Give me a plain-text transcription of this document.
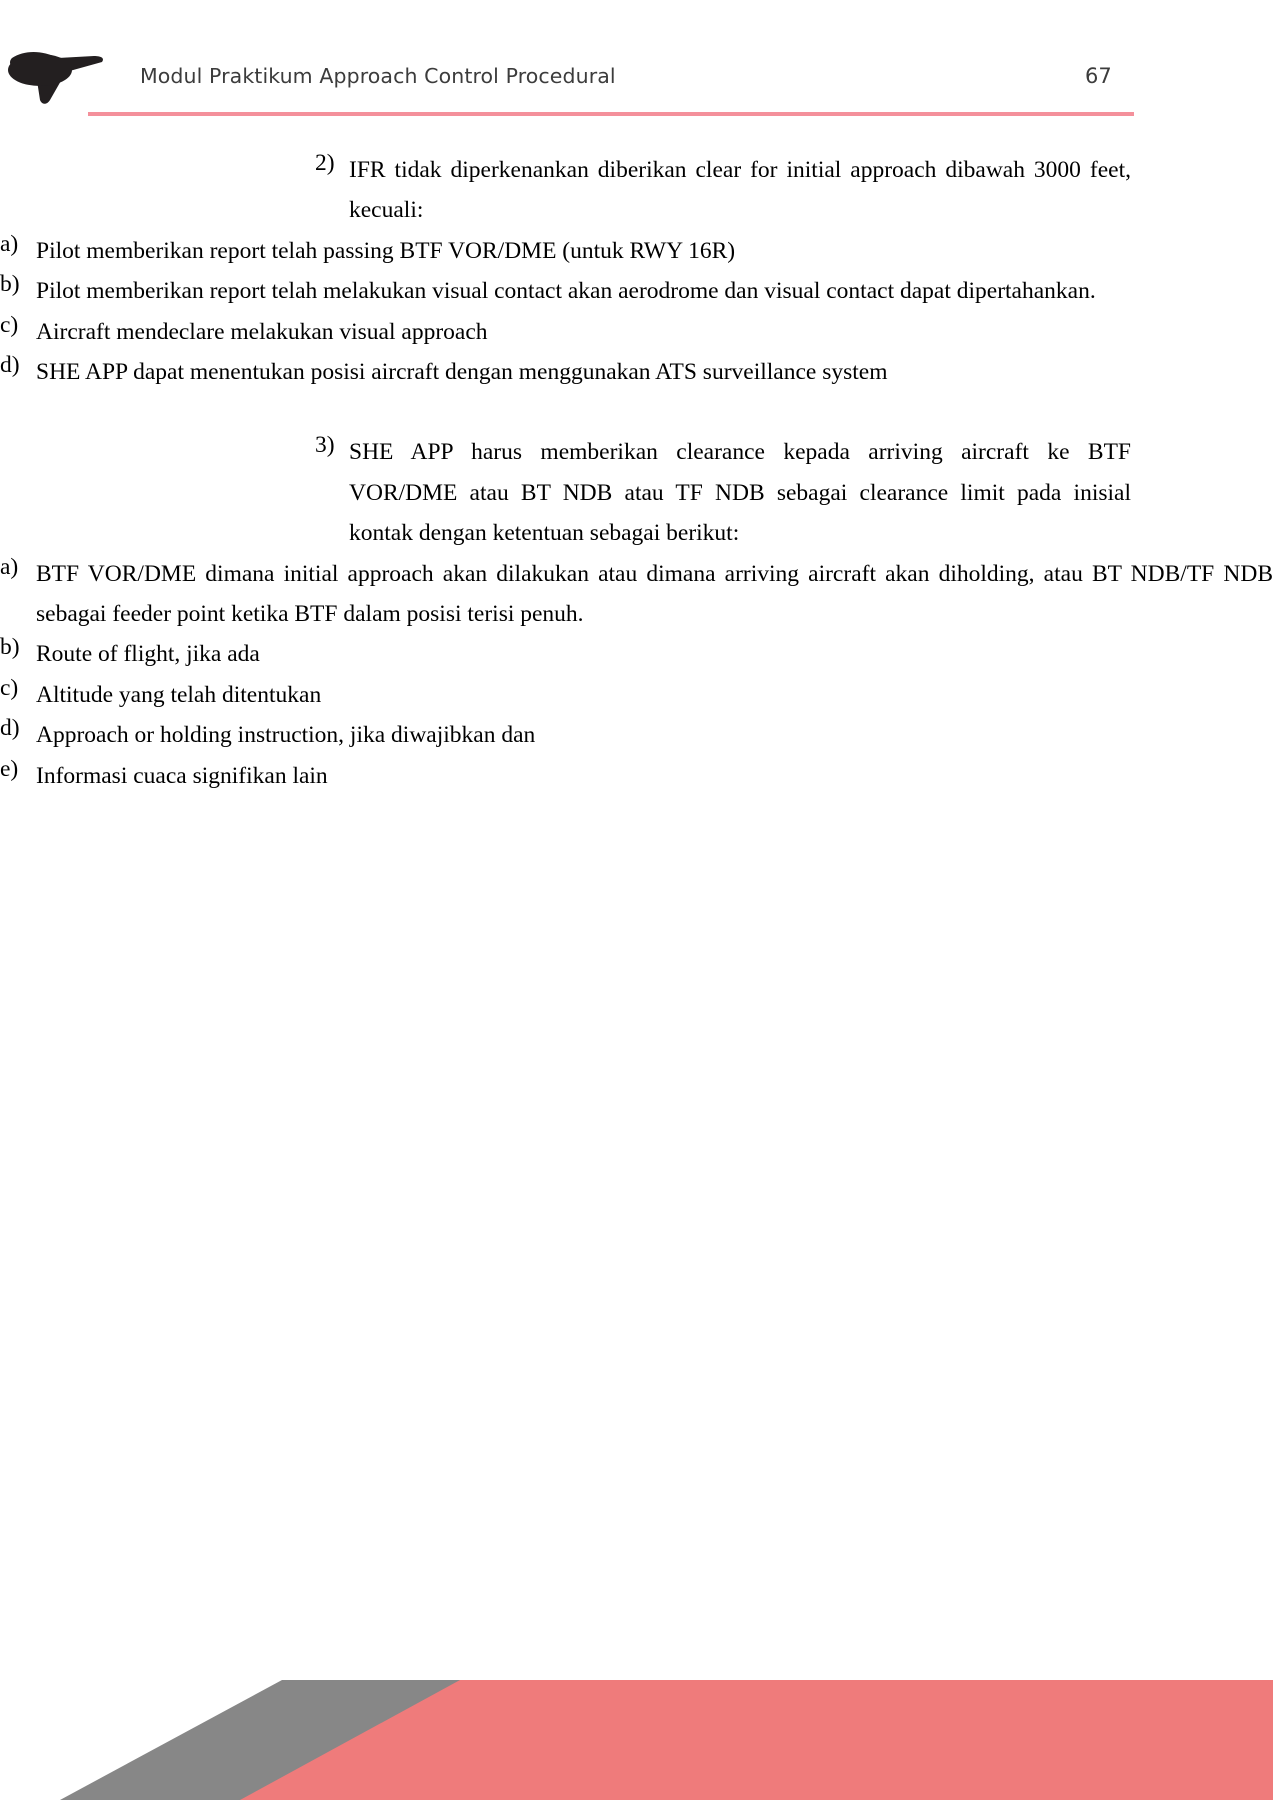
Modul Praktikum Approach Control Procedural	67
2) IFR tidak diperkenankan diberikan clear for initial approach dibawah 3000 feet, kecuali:
a) Pilot memberikan report telah passing BTF VOR/DME (untuk RWY 16R)
b) Pilot memberikan report telah melakukan visual contact akan aerodrome dan visual contact dapat dipertahankan.
c) Aircraft mendeclare melakukan visual approach
d) SHE APP dapat menentukan posisi aircraft dengan menggunakan ATS surveillance system
3) SHE APP harus memberikan clearance kepada arriving aircraft ke BTF VOR/DME atau BT NDB atau TF NDB sebagai clearance limit pada inisial kontak dengan ketentuan sebagai berikut:
a) BTF VOR/DME dimana initial approach akan dilakukan atau dimana arriving aircraft akan diholding, atau BT NDB/TF NDB sebagai feeder point ketika BTF dalam posisi terisi penuh.
b) Route of flight, jika ada
c) Altitude yang telah ditentukan
d) Approach or holding instruction, jika diwajibkan dan
e) Informasi cuaca signifikan lain
